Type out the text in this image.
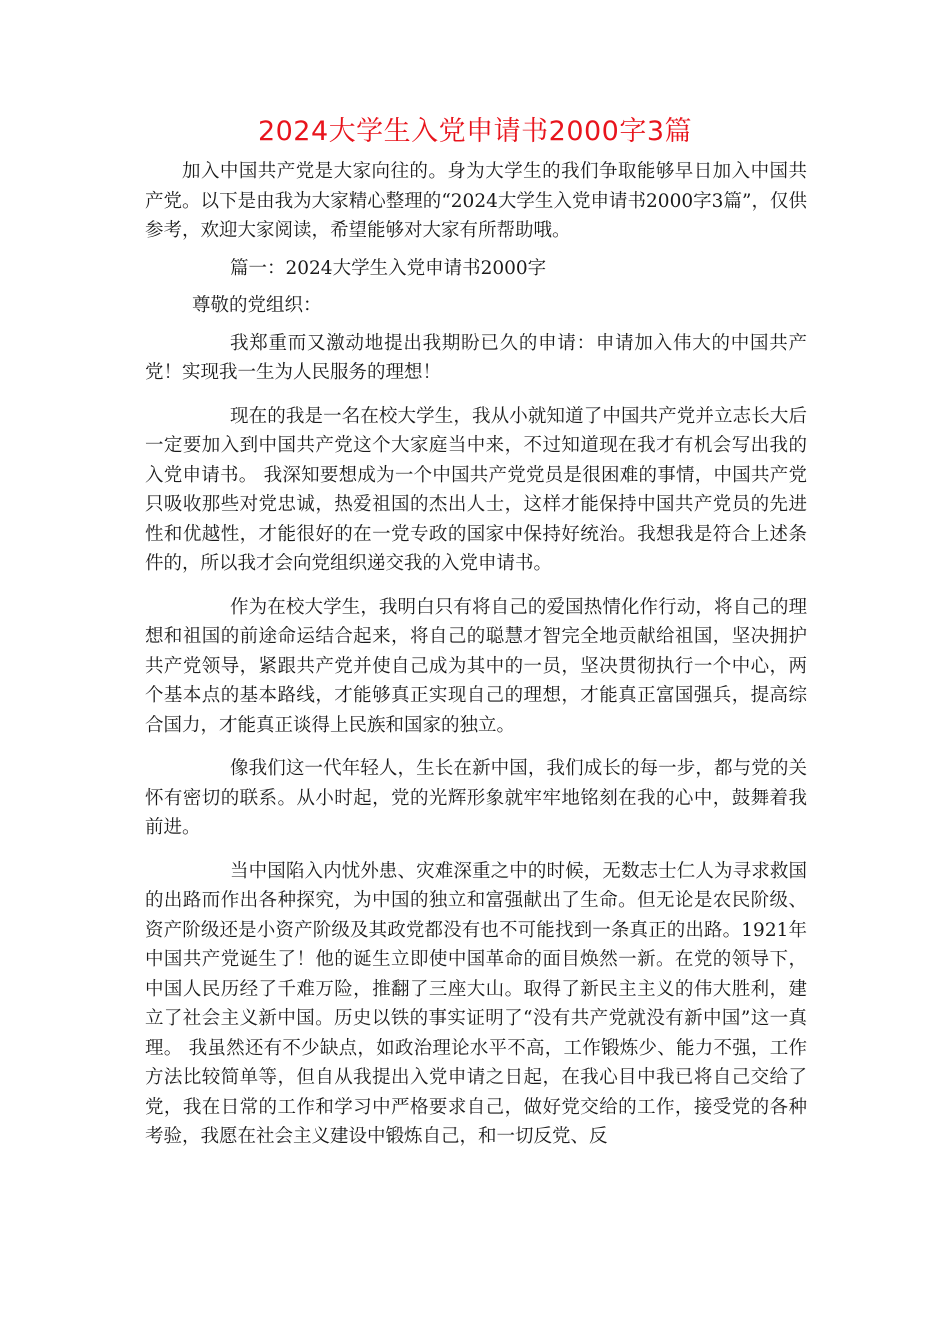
2024大学生入党申请书2000字3篇

加入中国共产党是大家向往的。身为大学生的我们争取能够早日加入中国共产党。以下是由我为大家精心整理的“2024大学生入党申请书2000字3篇”，仅供参考，欢迎大家阅读，希望能够对大家有所帮助哦。

篇一：2024大学生入党申请书2000字

尊敬的党组织：

我郑重而又激动地提出我期盼已久的申请：申请加入伟大的中国共产党！实现我一生为人民服务的理想！

现在的我是一名在校大学生，我从小就知道了中国共产党并立志长大后一定要加入到中国共产党这个大家庭当中来，不过知道现在我才有机会写出我的入党申请书。 我深知要想成为一个中国共产党党员是很困难的事情，中国共产党只吸收那些对党忠诚，热爱祖国的杰出人士，这样才能保持中国共产党员的先进性和优越性，才能很好的在一党专政的国家中保持好统治。我想我是符合上述条件的，所以我才会向党组织递交我的入党申请书。

作为在校大学生，我明白只有将自己的爱国热情化作行动，将自己的理想和祖国的前途命运结合起来，将自己的聪慧才智完全地贡献给祖国，坚决拥护共产党领导，紧跟共产党并使自己成为其中的一员，坚决贯彻执行一个中心，两个基本点的基本路线，才能够真正实现自己的理想，才能真正富国强兵，提高综合国力，才能真正谈得上民族和国家的独立。

像我们这一代年轻人，生长在新中国，我们成长的每一步，都与党的关怀有密切的联系。从小时起，党的光辉形象就牢牢地铭刻在我的心中，鼓舞着我前进。

当中国陷入内忧外患、灾难深重之中的时候，无数志士仁人为寻求救国的出路而作出各种探究，为中国的独立和富强献出了生命。但无论是农民阶级、资产阶级还是小资产阶级及其政党都没有也不可能找到一条真正的出路。1921年中国共产党诞生了！他的诞生立即使中国革命的面目焕然一新。在党的领导下，中国人民历经了千难万险，推翻了三座大山。取得了新民主主义的伟大胜利，建立了社会主义新中国。历史以铁的事实证明了“没有共产党就没有新中国”这一真理。 我虽然还有不少缺点，如政治理论水平不高，工作锻炼少、能力不强，工作方法比较简单等，但自从我提出入党申请之日起，在我心目中我已将自己交给了党，我在日常的工作和学习中严格要求自己，做好党交给的工作，接受党的各种考验，我愿在社会主义建设中锻炼自己，和一切反党、反
